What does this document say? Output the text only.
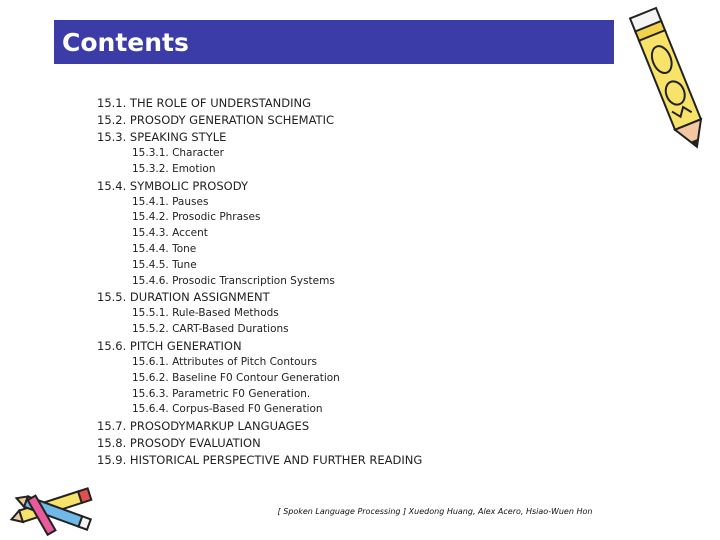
Contents
15.1. THE ROLE OF UNDERSTANDING
15.2. PROSODY GENERATION SCHEMATIC
15.3. SPEAKING STYLE
15.3.1. Character
15.3.2. Emotion
15.4. SYMBOLIC PROSODY
15.4.1. Pauses
15.4.2. Prosodic Phrases
15.4.3. Accent
15.4.4. Tone
15.4.5. Tune
15.4.6. Prosodic Transcription Systems
15.5. DURATION ASSIGNMENT
15.5.1. Rule-Based Methods
15.5.2. CART-Based Durations
15.6. PITCH GENERATION
15.6.1. Attributes of Pitch Contours
15.6.2. Baseline F0 Contour Generation
15.6.3. Parametric F0 Generation.
15.6.4. Corpus-Based F0 Generation
15.7. PROSODYMARKUP LANGUAGES
15.8. PROSODY EVALUATION
15.9. HISTORICAL PERSPECTIVE AND FURTHER READING
[ Spoken Language Processing ] Xuedong Huang, Alex Acero, Hsiao-Wuen Hon
